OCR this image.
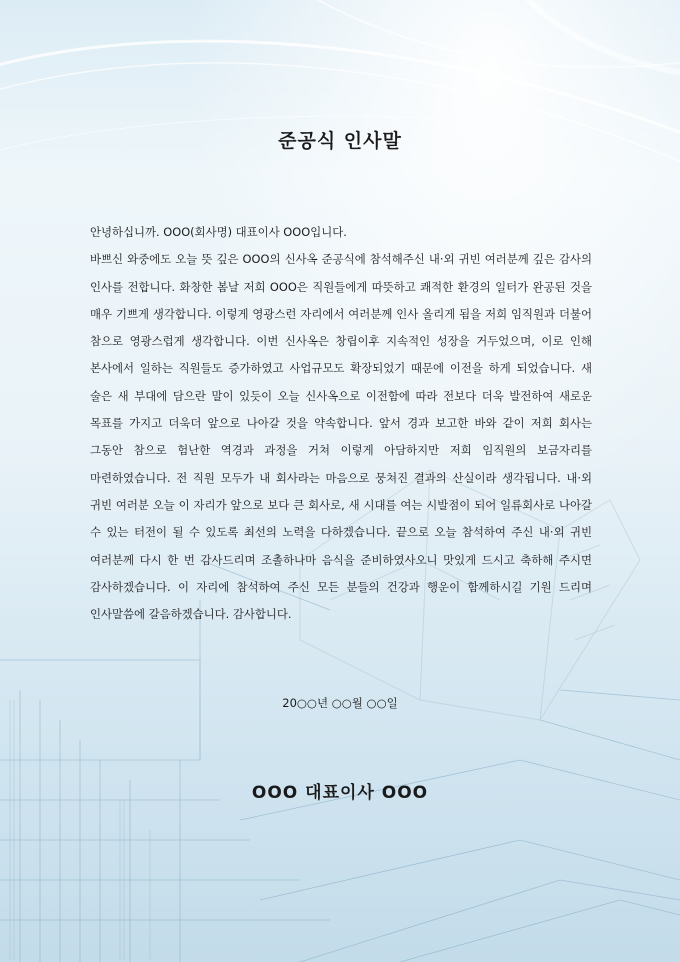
준공식 인사말

안녕하십니까. OOO(회사명) 대표이사 OOO입니다.

바쁘신 와중에도 오늘 뜻 깊은 OOO의 신사옥 준공식에 참석해주신 내·외 귀빈 여러분께 깊은 감사의 인사를 전합니다. 화창한 봄날 저희 OOO은 직원들에게 따뜻하고 쾌적한 환경의 일터가 완공된 것을 매우 기쁘게 생각합니다. 이렇게 영광스런 자리에서 여러분께 인사 올리게 됨을 저희 임직원과 더불어 참으로 영광스럽게 생각합니다. 이번 신사옥은 창립이후 지속적인 성장을 거두었으며, 이로 인해 본사에서 일하는 직원들도 증가하였고 사업규모도 확장되었기 때문에 이전을 하게 되었습니다. 새 술은 새 부대에 담으란 말이 있듯이 오늘 신사옥으로 이전함에 따라 전보다 더욱 발전하여 새로운 목표를 가지고 더욱더 앞으로 나아갈 것을 약속합니다. 앞서 경과 보고한 바와 같이 저희 회사는 그동안 참으로 험난한 역경과 과정을 거쳐 이렇게 아담하지만 저희 임직원의 보금자리를 마련하였습니다. 전 직원 모두가 내 회사라는 마음으로 뭉쳐진 결과의 산실이라 생각됩니다. 내·외 귀빈 여러분 오늘 이 자리가 앞으로 보다 큰 회사로, 새 시대를 여는 시발점이 되어 일류회사로 나아갈 수 있는 터전이 될 수 있도록 최선의 노력을 다하겠습니다. 끝으로 오늘 참석하여 주신 내·외 귀빈 여러분께 다시 한 번 감사드리며 조촐하나마 음식을 준비하였사오니 맛있게 드시고 축하해 주시면 감사하겠습니다. 이 자리에 참석하여 주신 모든 분들의 건강과 행운이 함께하시길 기원 드리며 인사말씀에 갈음하겠습니다. 감사합니다.

20○○년 ○○월 ○○일
OOO 대표이사 OOO
